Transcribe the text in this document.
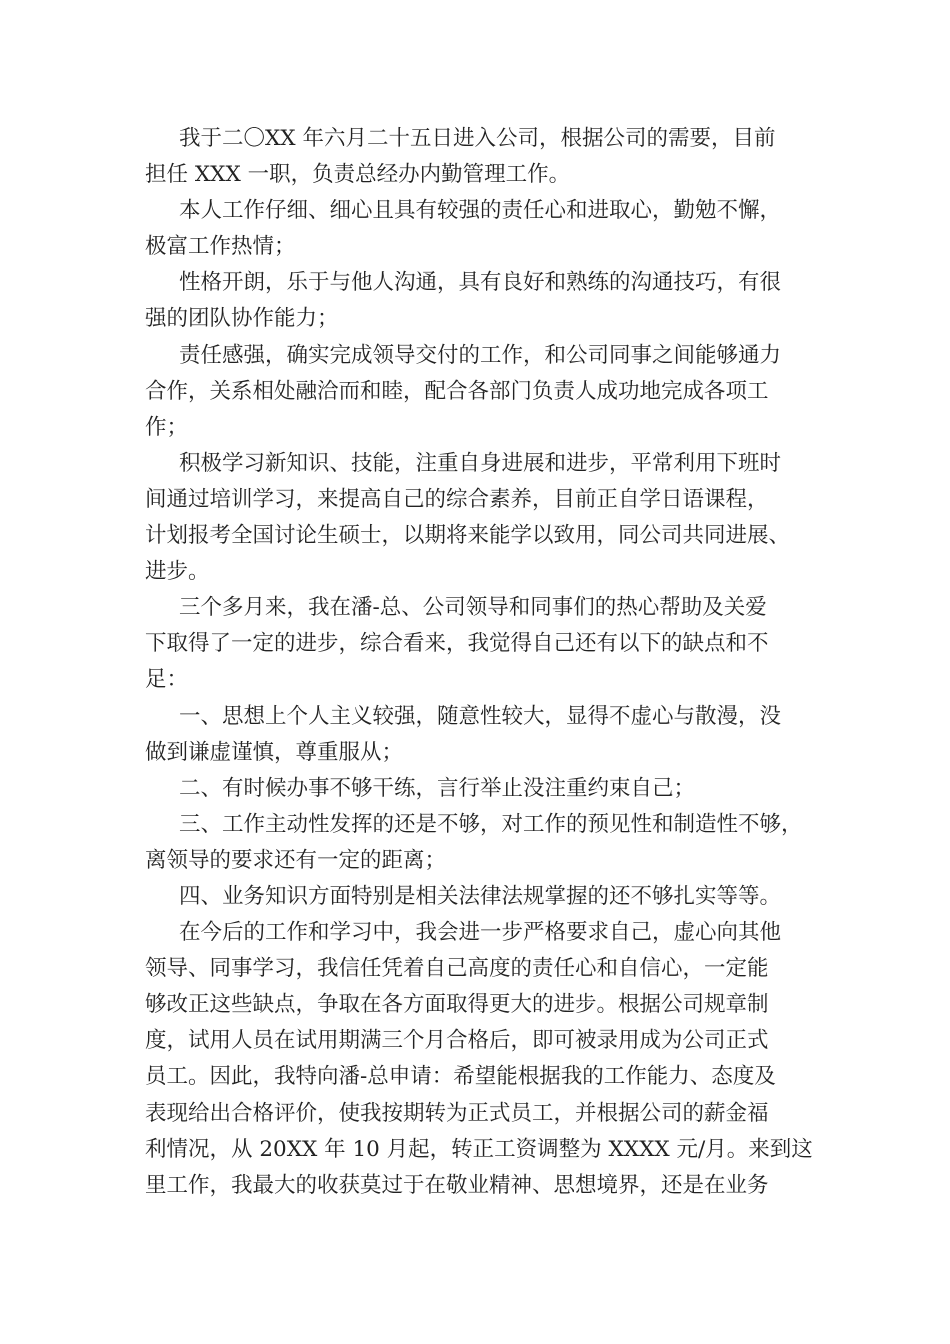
我于二〇XX 年六月二十五日进入公司，根据公司的需要，目前
担任 XXX 一职，负责总经办内勤管理工作。
本人工作仔细、细心且具有较强的责任心和进取心，勤勉不懈，
极富工作热情；
性格开朗，乐于与他人沟通，具有良好和熟练的沟通技巧，有很
强的团队协作能力；
责任感强，确实完成领导交付的工作，和公司同事之间能够通力
合作，关系相处融洽而和睦，配合各部门负责人成功地完成各项工
作；
积极学习新知识、技能，注重自身进展和进步，平常利用下班时
间通过培训学习，来提高自己的综合素养，目前正自学日语课程，
计划报考全国讨论生硕士，以期将来能学以致用，同公司共同进展、
进步。
三个多月来，我在潘-总、公司领导和同事们的热心帮助及关爱
下取得了一定的进步，综合看来，我觉得自己还有以下的缺点和不
足：
一、思想上个人主义较强，随意性较大，显得不虚心与散漫，没
做到谦虚谨慎，尊重服从；
二、有时候办事不够干练，言行举止没注重约束自己；
三、工作主动性发挥的还是不够，对工作的预见性和制造性不够，
离领导的要求还有一定的距离；
四、业务知识方面特别是相关法律法规掌握的还不够扎实等等。
在今后的工作和学习中，我会进一步严格要求自己，虚心向其他
领导、同事学习，我信任凭着自己高度的责任心和自信心，一定能
够改正这些缺点，争取在各方面取得更大的进步。根据公司规章制
度，试用人员在试用期满三个月合格后，即可被录用成为公司正式
员工。因此，我特向潘-总申请：希望能根据我的工作能力、态度及
表现给出合格评价，使我按期转为正式员工，并根据公司的薪金福
利情况，从 20XX 年 10 月起，转正工资调整为 XXXX 元/月。来到这
里工作，我最大的收获莫过于在敬业精神、思想境界，还是在业务
